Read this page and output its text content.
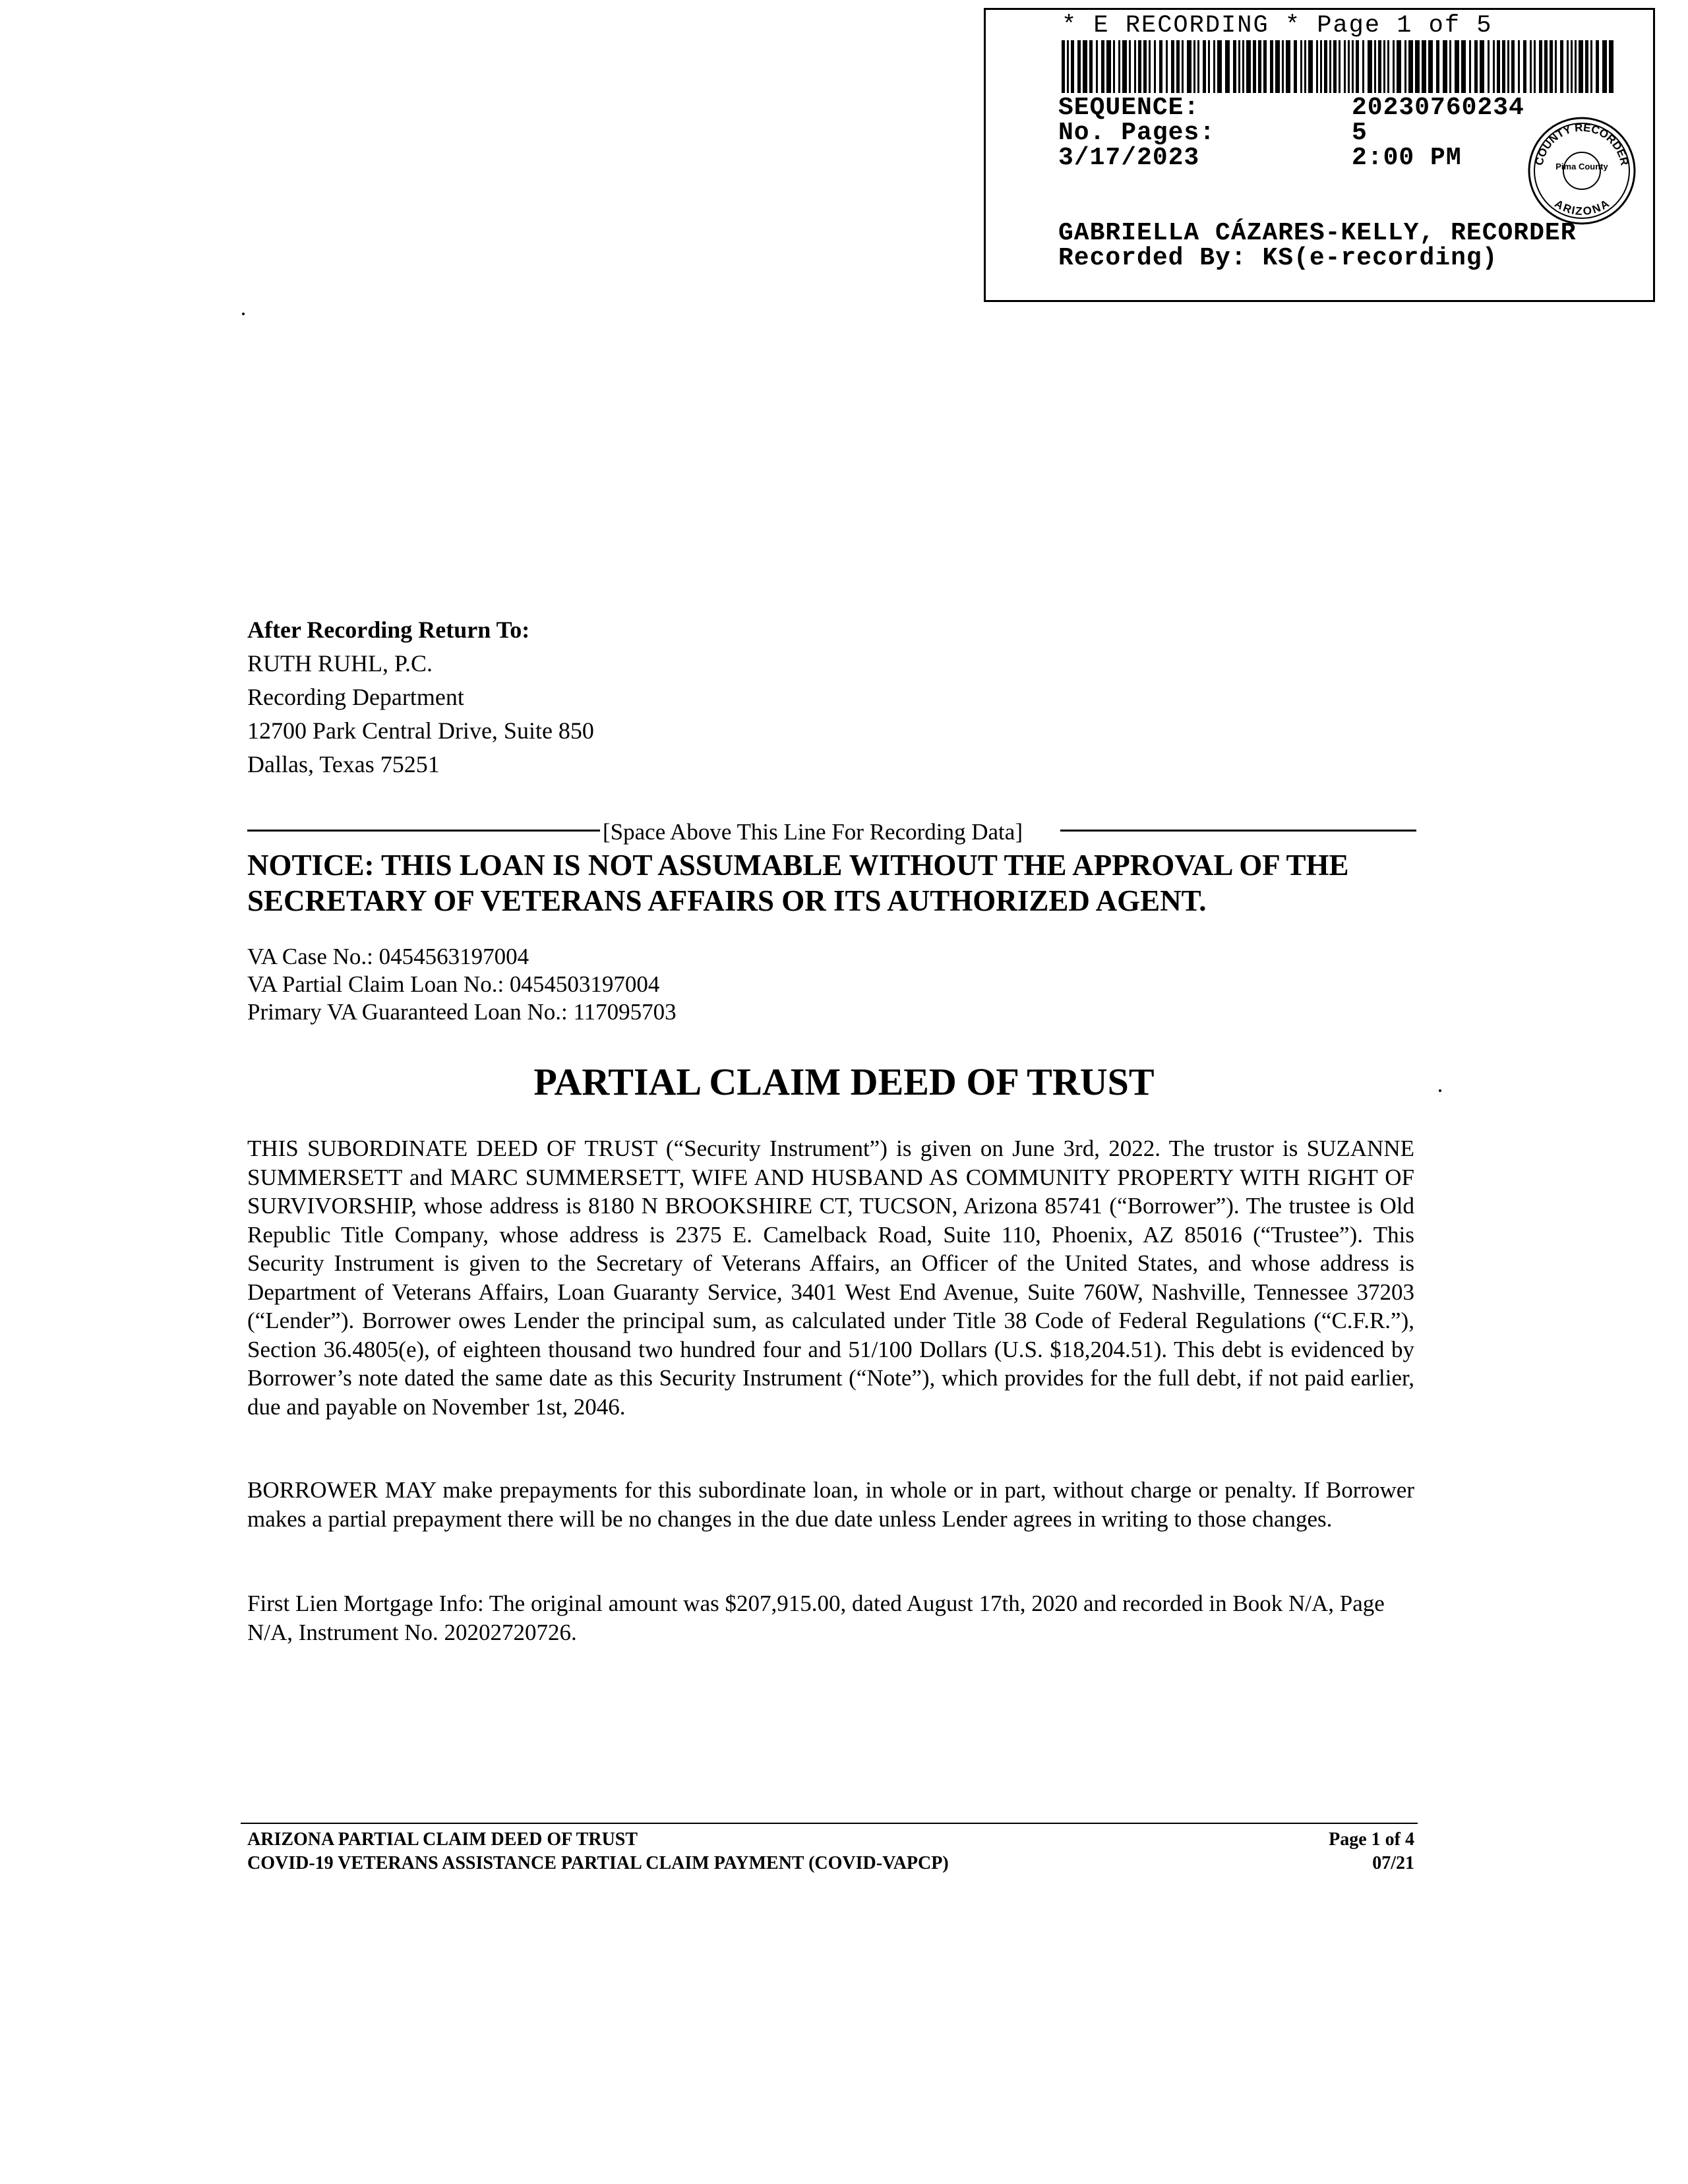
* E RECORDING * Page 1 of 5
SEQUENCE:	20230760234
No. Pages:	5
3/17/2023	2:00 PM	COUNTY RECORDER
Pima County
ARIZONA
GABRIELLA CÁZARES-KELLY, RECORDER
Recorded By: KS(e-recording)
After Recording Return To:
RUTH RUHL, P.C.
Recording Department
12700 Park Central Drive, Suite 850
Dallas, Texas 75251
[Space Above This Line For Recording Data]
NOTICE: THIS LOAN IS NOT ASSUMABLE WITHOUT THE APPROVAL OF THE SECRETARY OF VETERANS AFFAIRS OR ITS AUTHORIZED AGENT.
VA Case No.: 0454563197004
VA Partial Claim Loan No.: 0454503197004
Primary VA Guaranteed Loan No.: 117095703
PARTIAL CLAIM DEED OF TRUST
THIS SUBORDINATE DEED OF TRUST (“Security Instrument”) is given on June 3rd, 2022. The trustor is SUZANNE SUMMERSETT and MARC SUMMERSETT, WIFE AND HUSBAND AS COMMUNITY PROPERTY WITH RIGHT OF SURVIVORSHIP, whose address is 8180 N BROOKSHIRE CT, TUCSON, Arizona 85741 (“Borrower”). The trustee is Old Republic Title Company, whose address is 2375 E. Camelback Road, Suite 110, Phoenix, AZ 85016 (“Trustee”). This Security Instrument is given to the Secretary of Veterans Affairs, an Officer of the United States, and whose address is Department of Veterans Affairs, Loan Guaranty Service, 3401 West End Avenue, Suite 760W, Nashville, Tennessee 37203 (“Lender”). Borrower owes Lender the principal sum, as calculated under Title 38 Code of Federal Regulations (“C.F.R.”), Section 36.4805(e), of eighteen thousand two hundred four and 51/100 Dollars (U.S. $18,204.51). This debt is evidenced by Borrower’s note dated the same date as this Security Instrument (“Note”), which provides for the full debt, if not paid earlier, due and payable on November 1st, 2046.
BORROWER MAY make prepayments for this subordinate loan, in whole or in part, without charge or penalty. If Borrower makes a partial prepayment there will be no changes in the due date unless Lender agrees in writing to those changes.
First Lien Mortgage Info: The original amount was $207,915.00, dated August 17th, 2020 and recorded in Book N/A, Page N/A, Instrument No. 20202720726.
ARIZONA PARTIAL CLAIM DEED OF TRUST
COVID-19 VETERANS ASSISTANCE PARTIAL CLAIM PAYMENT (COVID-VAPCP)
Page 1 of 4
07/21
